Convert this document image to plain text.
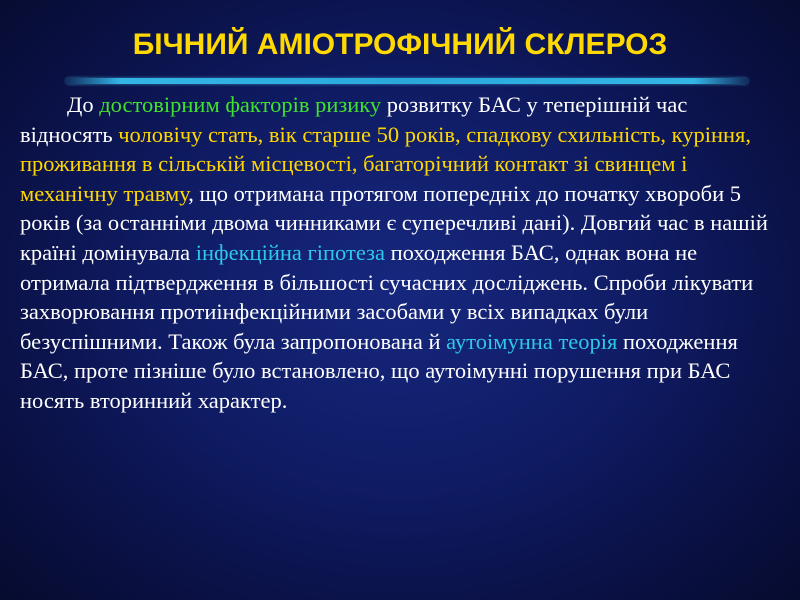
БІЧНИЙ АМІОТРОФІЧНИЙ СКЛЕРОЗ

До достовірним факторів ризику розвитку БАС у теперішній час відносять чоловічу стать, вік старше 50 років, спадкову схильність, куріння, проживання в сільській місцевості, багаторічний контакт зі свинцем і механічну травму, що отримана протягом попередніх до початку хвороби 5 років (за останніми двома чинниками є суперечливі дані). Довгий час в нашій країні домінувала інфекційна гіпотеза походження БАС, однак вона не отримала підтвердження в більшості сучасних досліджень. Спроби лікувати захворювання протиінфекційними засобами у всіх випадках були безуспішними. Також була запропонована й аутоімунна теорія походження БАС, проте пізніше було встановлено, що аутоімунні порушення при БАС носять вторинний характер.
